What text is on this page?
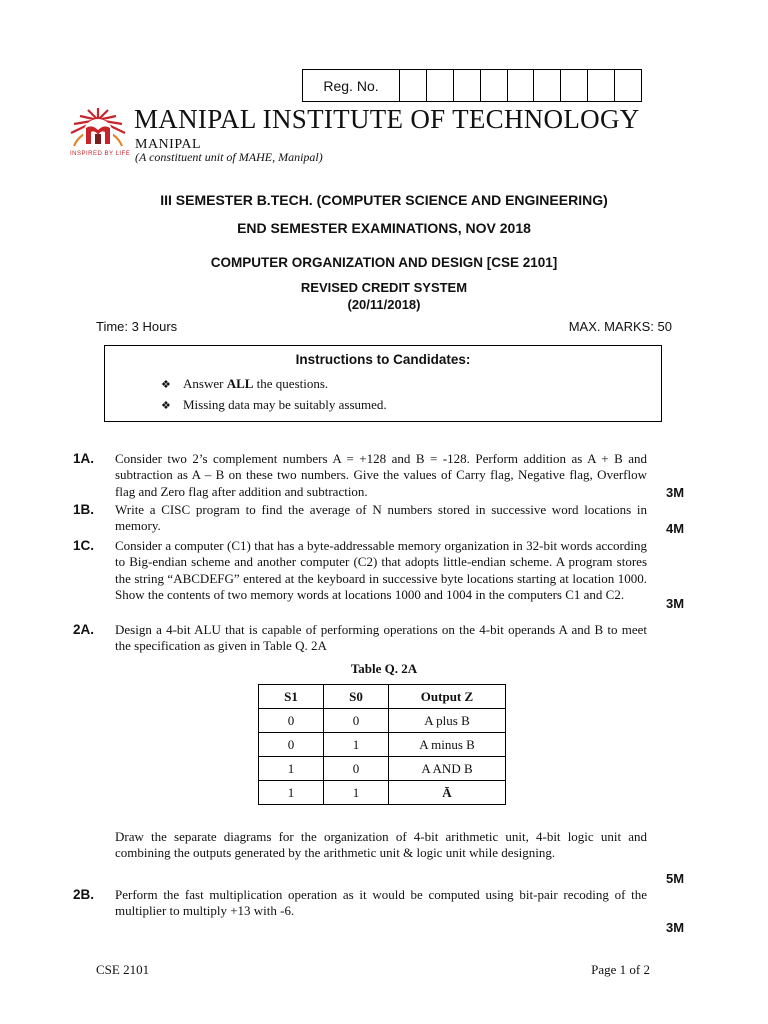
Reg. No.
INSPIRED BY LIFE
MANIPAL INSTITUTE OF TECHNOLOGY
MANIPAL
(A constituent unit of MAHE, Manipal)
III SEMESTER B.TECH. (COMPUTER SCIENCE AND ENGINEERING)
END SEMESTER EXAMINATIONS, NOV 2018
COMPUTER ORGANIZATION AND DESIGN [CSE 2101]
REVISED CREDIT SYSTEM
(20/11/2018)
Time: 3 Hours	MAX. MARKS: 50
Instructions to Candidates:
❖ Answer ALL the questions.
❖ Missing data may be suitably assumed.
1A. Consider two 2’s complement numbers A = +128 and B = -128. Perform addition as A + B and subtraction as A – B on these two numbers. Give the values of Carry flag, Negative flag, Overflow flag and Zero flag after addition and subtraction.	3M
1B. Write a CISC program to find the average of N numbers stored in successive word locations in memory.	4M
1C. Consider a computer (C1) that has a byte-addressable memory organization in 32-bit words according to Big-endian scheme and another computer (C2) that adopts little-endian scheme. A program stores the string “ABCDEFG” entered at the keyboard in successive byte locations starting at location 1000. Show the contents of two memory words at locations 1000 and 1004 in the computers C1 and C2.
3M
2A. Design a 4-bit ALU that is capable of performing operations on the 4-bit operands A and B to meet the specification as given in Table Q. 2A
Table Q. 2A
S1	S0	Output Z
0	0	A plus B
0	1	A minus B
1	0	A AND B
1	1	Ā
Draw the separate diagrams for the organization of 4-bit arithmetic unit, 4-bit logic unit and combining the outputs generated by the arithmetic unit & logic unit while designing.
5M
2B. Perform the fast multiplication operation as it would be computed using bit-pair recoding of the multiplier to multiply +13 with -6.
3M
CSE 2101	Page 1 of 2
